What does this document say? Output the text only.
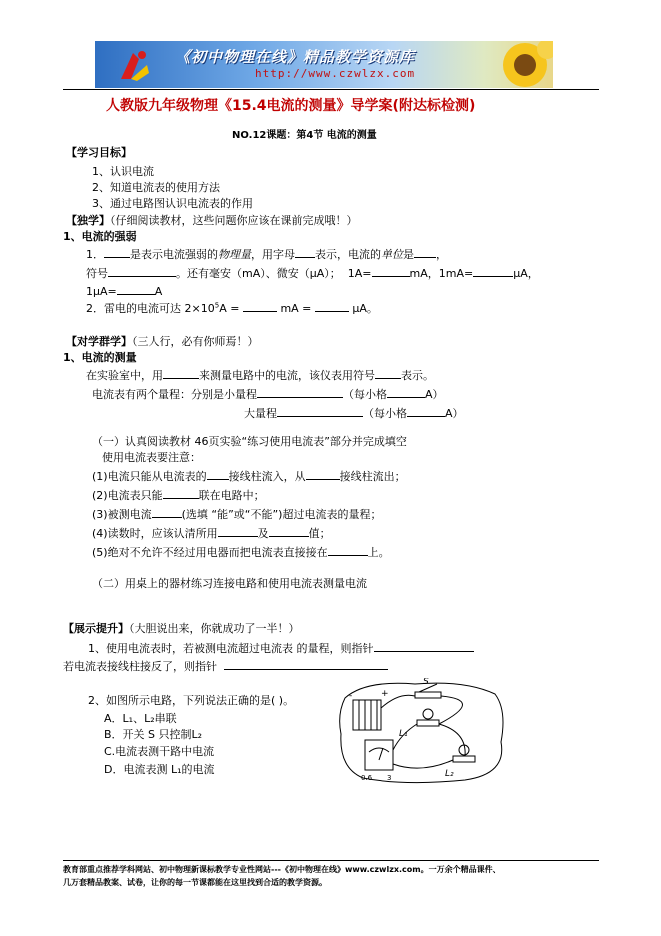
《初中物理在线》精品教学资源库
http://www.czwlzx.com
人教版九年级物理《15.4电流的测量》导学案(附达标检测)
NO.12课题：第4节 电流的测量
【学习目标】
1、认识电流
2、知道电流表的使用方法
3、通过电路图认识电流表的作用
【独学】（仔细阅读教材，这些问题你应该在课前完成哦！）
1、电流的强弱
1． 是表示电流强弱的物理量，用字母 表示，电流的单位是 ，
符号	。还有毫安（mA）、微安（μA）； 1A=	mA，1mA=	μA，
1μA=	A
2．雷电的电流可达 $2\times 10^5A$ =	mA =	μA。
【对学群学】（三人行，必有你师焉！）
1、电流的测量
在实验室中，用	来测量电路中的电流，该仪表用符号 表示。
电流表有两个量程：分别是小量程	（每小格	A）
大量程	（每小格	A）
（一）认真阅读教材 46页实验“练习使用电流表”部分并完成填空
使用电流表要注意：
(1)电流只能从电流表的 接线柱流入，从	接线柱流出；
(2)电流表只能	联在电路中；
(3)被测电流	(选填 “能”或“不能”)超过电流表的量程；
(4)读数时，应该认清所用	及	值；
(5)绝对不允许不经过用电器而把电流表直接接在	上。
（二）用桌上的器材练习连接电路和使用电流表测量电流
【展示提升】（大胆说出来，你就成功了一半！）
1、使用电流表时，若被测电流超过电流表 的量程，则指针
若电流表接线柱接反了，则指针
2、如图所示电路，下列说法正确的是( )。
A．L₁、L₂串联
B．开关 S 只控制L₂
C.电流表测干路中电流
D．电流表测 L₁的电流
-	+
S
L₁
L₂
0.6 3
教育部重点推荐学科网站、初中物理新课标教学专业性网站---《初中物理在线》www.czwlzx.com。一万余个精品课件、
几万套精品教案、试卷，让你的每一节课都能在这里找到合适的教学资源。
